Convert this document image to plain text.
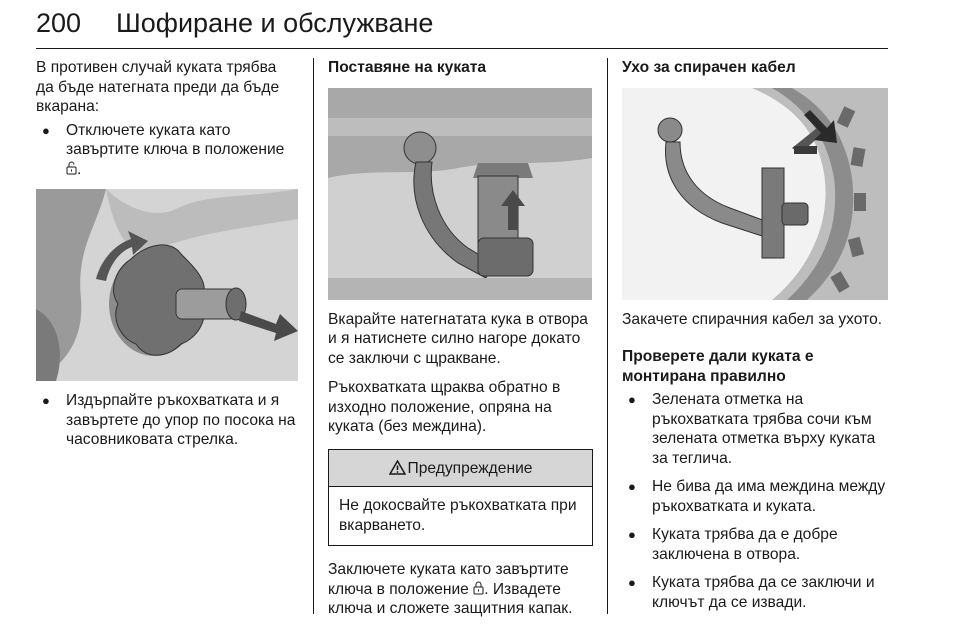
200 Шофиране и обслужване

В противен случай куката трябва да бъде натегната преди да бъде вкарана:

● Отключете куката като завъртите ключа в положение .
● Издърпайте ръкохватката и я завъртете до упор по посока на часовниковата стрелка.

Поставяне на куката

Вкарайте натегнатата кука в отвора и я натиснете силно нагоре докато се заключи с щракване.

Ръкохватката щраква обратно в изходно положение, опряна на куката (без междина).

Предупреждение
Не докосвайте ръкохватката при вкарването.

Заключете куката като завъртите ключа в положение . Извадете ключа и сложете защитния капак.

Ухо за спирачен кабел

Закачете спирачния кабел за ухото.

Проверете дали куката е монтирана правилно

● Зелената отметка на ръкохватката трябва сочи към зелената отметка върху куката за теглича.
● Не бива да има междина между ръкохватката и куката.
● Куката трябва да е добре заключена в отвора.
● Куката трябва да се заключи и ключът да се извади.
